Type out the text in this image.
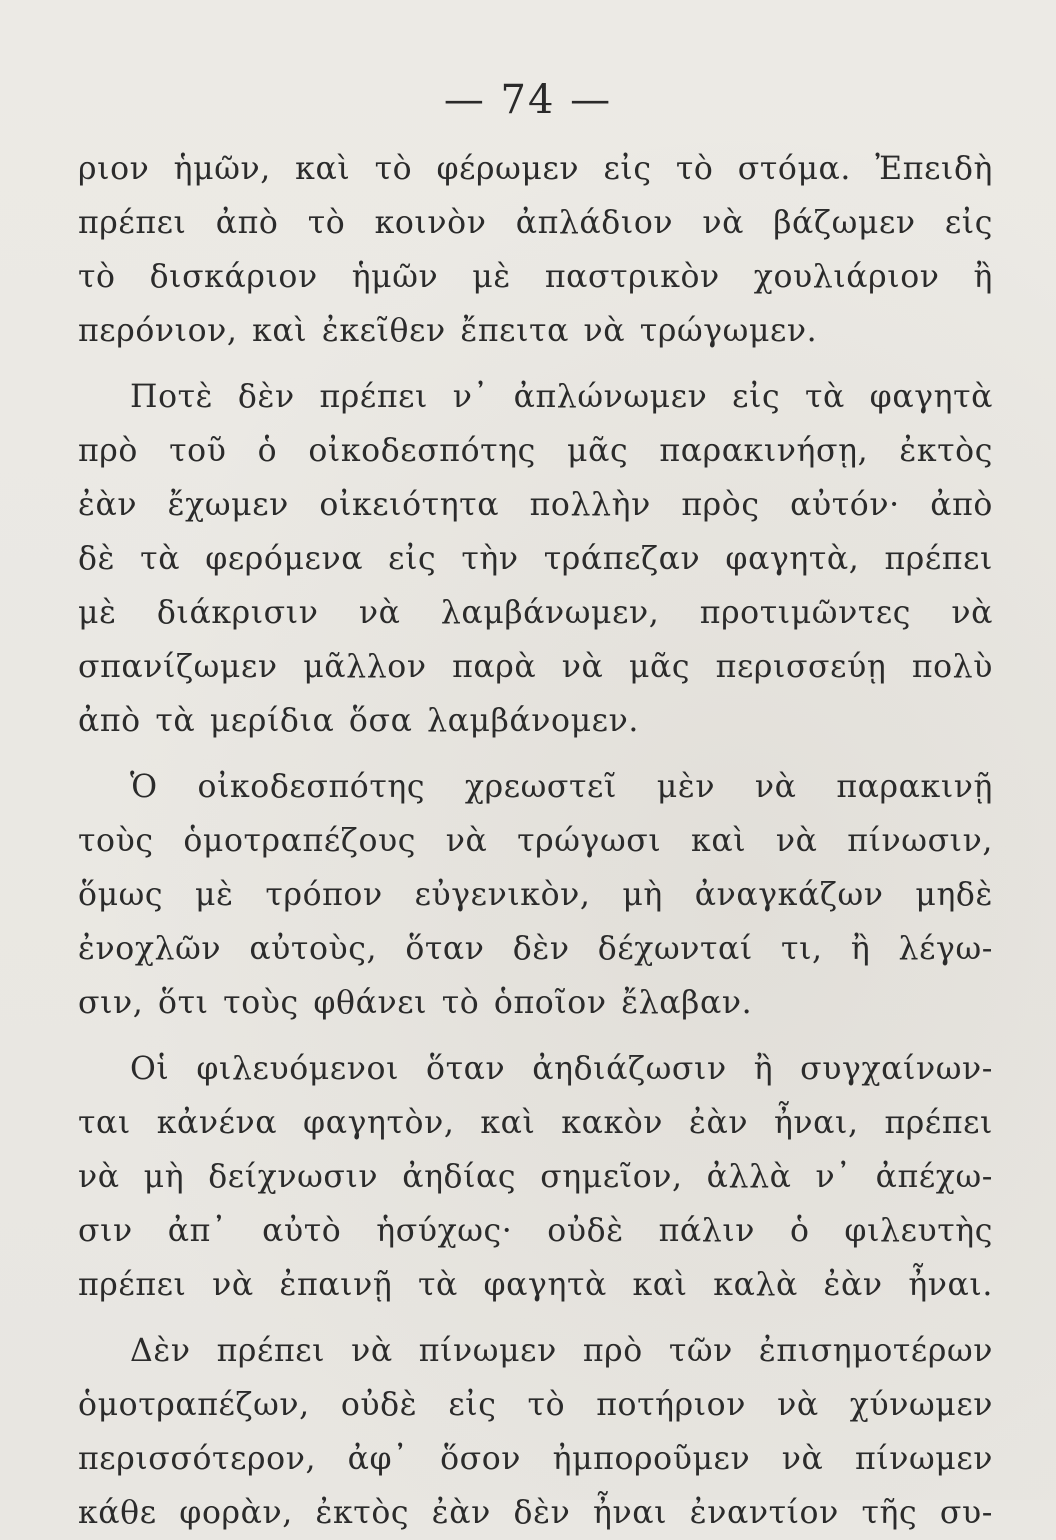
— 74 —
ριον ἡμῶν, καὶ τὸ φέρωμεν εἰς τὸ στόμα. Ἐπειδὴ
πρέπει ἀπὸ τὸ κοινὸν ἀπλάδιον νὰ βάζωμεν εἰς
τὸ δισκάριον ἡμῶν μὲ παστρικὸν χουλιάριον ἢ
περόνιον, καὶ ἐκεῖθεν ἔπειτα νὰ τρώγωμεν.
Ποτὲ δὲν πρέπει ν᾿ ἀπλώνωμεν εἰς τὰ φαγητὰ
πρὸ τοῦ ὁ οἰκοδεσπότης μᾶς παρακινήσῃ, ἐκτὸς
ἐὰν ἔχωμεν οἰκειότητα πολλὴν πρὸς αὐτόν· ἀπὸ
δὲ τὰ φερόμενα εἰς τὴν τράπεζαν φαγητὰ, πρέπει
μὲ διάκρισιν νὰ λαμβάνωμεν, προτιμῶντες νὰ
σπανίζωμεν μᾶλλον παρὰ νὰ μᾶς περισσεύῃ πολὺ
ἀπὸ τὰ μερίδια ὅσα λαμβάνομεν.
Ὁ οἰκοδεσπότης χρεωστεῖ μὲν νὰ παρακινῇ
τοὺς ὁμοτραπέζους νὰ τρώγωσι καὶ νὰ πίνωσιν,
ὅμως μὲ τρόπον εὐγενικὸν, μὴ ἀναγκάζων μηδὲ
ἐνοχλῶν αὐτοὺς, ὅταν δὲν δέχωνταί τι, ἢ λέγω-
σιν, ὅτι τοὺς φθάνει τὸ ὁποῖον ἔλαβαν.
Οἱ φιλευόμενοι ὅταν ἀηδιάζωσιν ἢ συγχαίνων-
ται κἀνένα φαγητὸν, καὶ κακὸν ἐὰν ἦναι, πρέπει
νὰ μὴ δείχνωσιν ἀηδίας σημεῖον, ἀλλὰ ν᾿ ἀπέχω-
σιν ἀπ᾿ αὐτὸ ἡσύχως· οὐδὲ πάλιν ὁ φιλευτὴς
πρέπει νὰ ἐπαινῇ τὰ φαγητὰ καὶ καλὰ ἐὰν ἦναι.
Δὲν πρέπει νὰ πίνωμεν πρὸ τῶν ἐπισημοτέρων
ὁμοτραπέζων, οὐδὲ εἰς τὸ ποτήριον νὰ χύνωμεν
περισσότερον, ἀφ᾿ ὅσον ἠμποροῦμεν νὰ πίνωμεν
κάθε φορὰν, ἐκτὸς ἐὰν δὲν ἦναι ἐναντίον τῆς συ-
